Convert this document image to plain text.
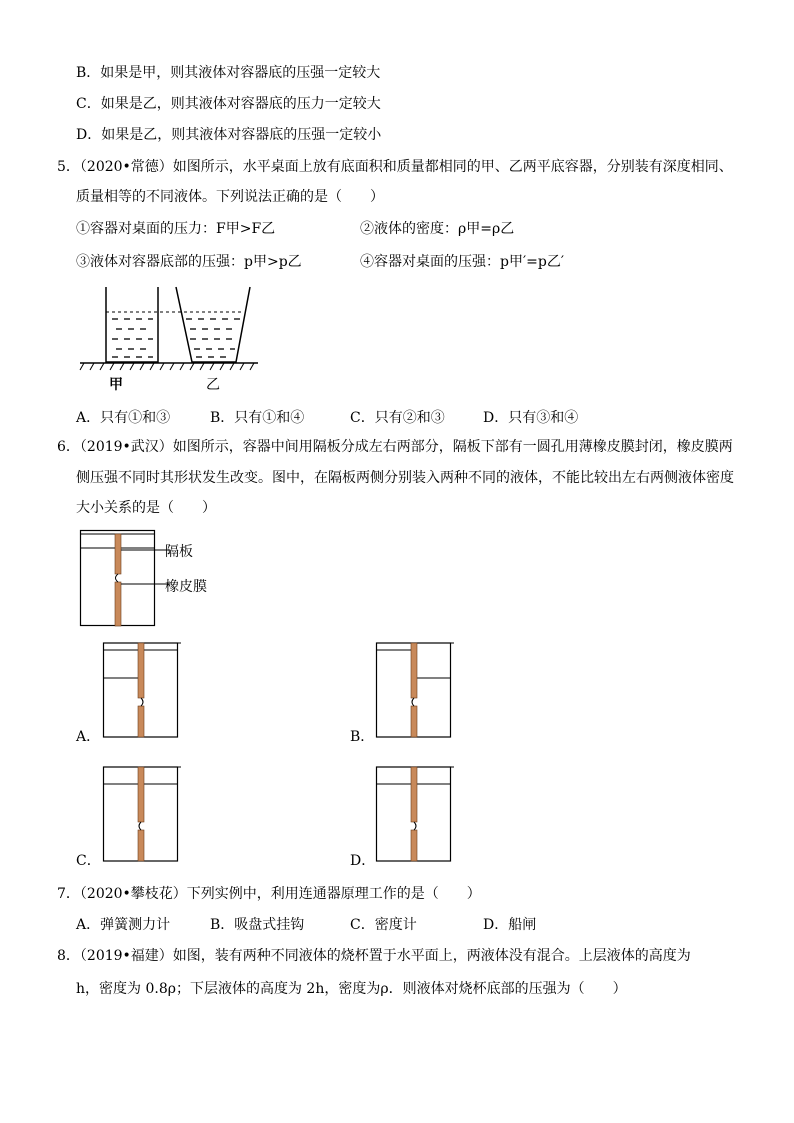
B．如果是甲，则其液体对容器底的压强一定较大
C．如果是乙，则其液体对容器底的压力一定较大
D．如果是乙，则其液体对容器底的压强一定较小
5．（2020•常德）如图所示，水平桌面上放有底面积和质量都相同的甲、乙两平底容器，分别装有深度相同、
质量相等的不同液体。下列说法正确的是（　　）
①容器对桌面的压力：F甲>F乙	②液体的密度：ρ甲=ρ乙
③液体对容器底部的压强：p甲>p乙	④容器对桌面的压强：p甲′=p乙′
甲	乙
A．只有①和③	B．只有①和④	C．只有②和③	D．只有③和④
6．（2019•武汉）如图所示，容器中间用隔板分成左右两部分，隔板下部有一圆孔用薄橡皮膜封闭，橡皮膜两
侧压强不同时其形状发生改变。图中，在隔板两侧分别装入两种不同的液体，不能比较出左右两侧液体密度
大小关系的是（　　）
隔板
橡皮膜
A．	B．
C．	D．
7．（2020•攀枝花）下列实例中，利用连通器原理工作的是（　　）
A．弹簧测力计	B．吸盘式挂钩	C．密度计	D．船闸
8．（2019•福建）如图，装有两种不同液体的烧杯置于水平面上，两液体没有混合。上层液体的高度为
h，密度为 0.8ρ；下层液体的高度为 2h，密度为ρ．则液体对烧杯底部的压强为（　　）
